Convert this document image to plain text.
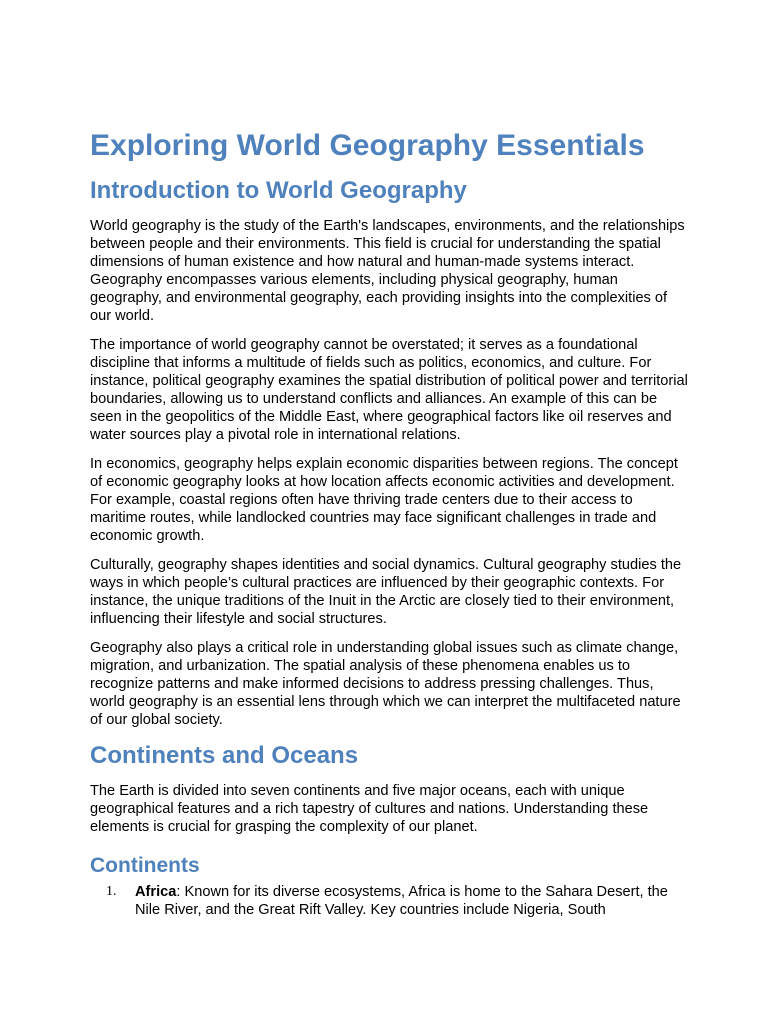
Exploring World Geography Essentials
Introduction to World Geography

World geography is the study of the Earth's landscapes, environments, and the relationships between people and their environments. This field is crucial for understanding the spatial dimensions of human existence and how natural and human-made systems interact. Geography encompasses various elements, including physical geography, human geography, and environmental geography, each providing insights into the complexities of our world.

The importance of world geography cannot be overstated; it serves as a foundational discipline that informs a multitude of fields such as politics, economics, and culture. For instance, political geography examines the spatial distribution of political power and territorial boundaries, allowing us to understand conflicts and alliances. An example of this can be seen in the geopolitics of the Middle East, where geographical factors like oil reserves and water sources play a pivotal role in international relations.

In economics, geography helps explain economic disparities between regions. The concept of economic geography looks at how location affects economic activities and development. For example, coastal regions often have thriving trade centers due to their access to maritime routes, while landlocked countries may face significant challenges in trade and economic growth.

Culturally, geography shapes identities and social dynamics. Cultural geography studies the ways in which people’s cultural practices are influenced by their geographic contexts. For instance, the unique traditions of the Inuit in the Arctic are closely tied to their environment, influencing their lifestyle and social structures.

Geography also plays a critical role in understanding global issues such as climate change, migration, and urbanization. The spatial analysis of these phenomena enables us to recognize patterns and make informed decisions to address pressing challenges. Thus, world geography is an essential lens through which we can interpret the multifaceted nature of our global society.

Continents and Oceans

The Earth is divided into seven continents and five major oceans, each with unique geographical features and a rich tapestry of cultures and nations. Understanding these elements is crucial for grasping the complexity of our planet.

Continents
1. Africa: Known for its diverse ecosystems, Africa is home to the Sahara Desert, the Nile River, and the Great Rift Valley. Key countries include Nigeria, South
